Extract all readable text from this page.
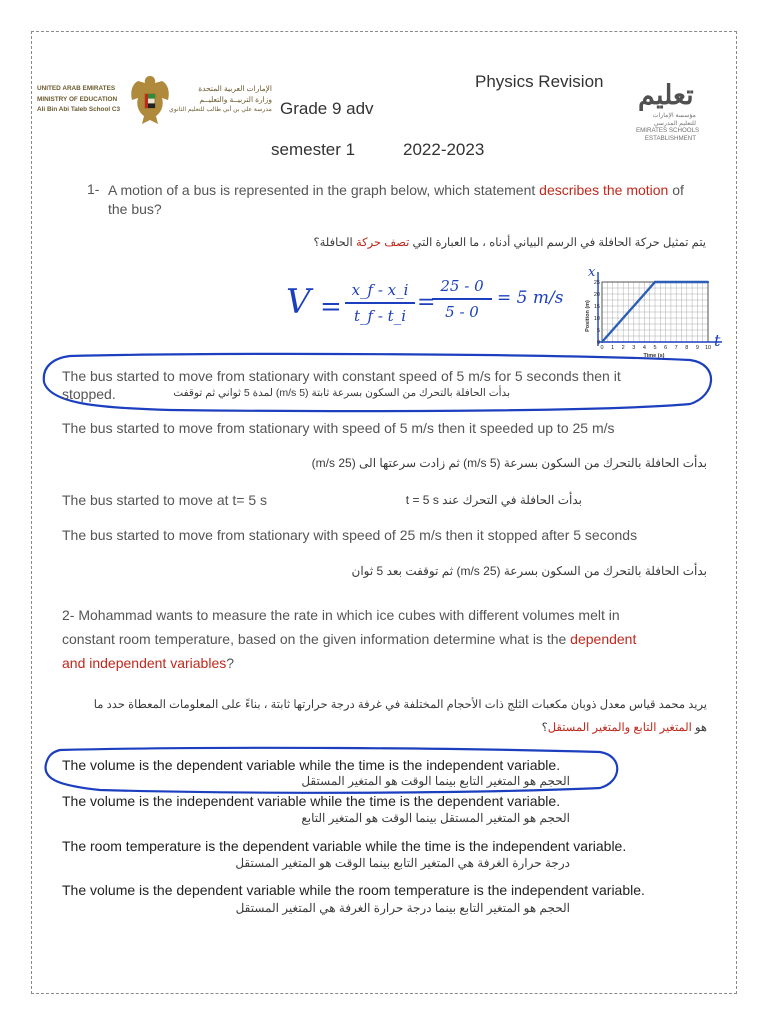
UNITED ARAB EMIRATES
MINISTRY OF EDUCATION
Ali Bin Abi Taleb School C3
الإمارات العربية المتحدة
وزارة التربيــة والتعليــم
مدرسة علي بن أبي طالب للتعليم الثانوي
Physics Revision
Grade 9 adv
semester 1	2022-2023
تعليم
مؤسسة الإمارات
للتعليم المدرسي
EMIRATES SCHOOLS
ESTABLISHMENT
1- A motion of a bus is represented in the graph below, which statement describes the motion of the bus?
يتم تمثيل حركة الحافلة في الرسم البياني أدناه ، ما العبارة التي تصف حركة الحافلة؟
V =
x_f - x_i
t_f - t_i
=
25 - 0
5 - 0
= 5 m/s
0 1 2 3 4 5 6 7 8 9 10
0
5
10
15
20
25
Position (m)
Time (s)
x
t
The bus started to move from stationary with constant speed of 5 m/s for 5 seconds then it stopped.	بدأت الحافلة بالتحرك من السكون بسرعة ثابتة (5 m/s) لمدة 5 ثواني ثم توقفت
The bus started to move from stationary with speed of 5 m/s then it speeded up to 25 m/s
بدأت الحافلة بالتحرك من السكون بسرعة (5 m/s) ثم زادت سرعتها الى (25 m/s)
The bus started to move at t= 5 s	بدأت الحافلة في التحرك عند t = 5 s
The bus started to move from stationary with speed of 25 m/s then it stopped after 5 seconds
بدأت الحافلة بالتحرك من السكون بسرعة (25 m/s) ثم توقفت بعد 5 ثوان
2- Mohammad wants to measure the rate in which ice cubes with different volumes melt in
constant room temperature, based on the given information determine what is the dependent
and independent variables?
يريد محمد قياس معدل ذوبان مكعبات الثلج ذات الأحجام المختلفة في غرفة درجة حرارتها ثابتة ، بناءً على المعلومات المعطاة حدد ما
هو المتغير التابع والمتغير المستقل؟
The volume is the dependent variable while the time is the independent variable.
الحجم هو المتغير التابع بينما الوقت هو المتغير المستقل
The volume is the independent variable while the time is the dependent variable.
الحجم هو المتغير المستقل بينما الوقت هو المتغير التابع
The room temperature is the dependent variable while the time is the independent variable.
درجة حرارة الغرفة هي المتغير التابع بينما الوقت هو المتغير المستقل
The volume is the dependent variable while the room temperature is the independent variable.
الحجم هو المتغير التابع بينما درجة حرارة الغرفة هي المتغير المستقل
